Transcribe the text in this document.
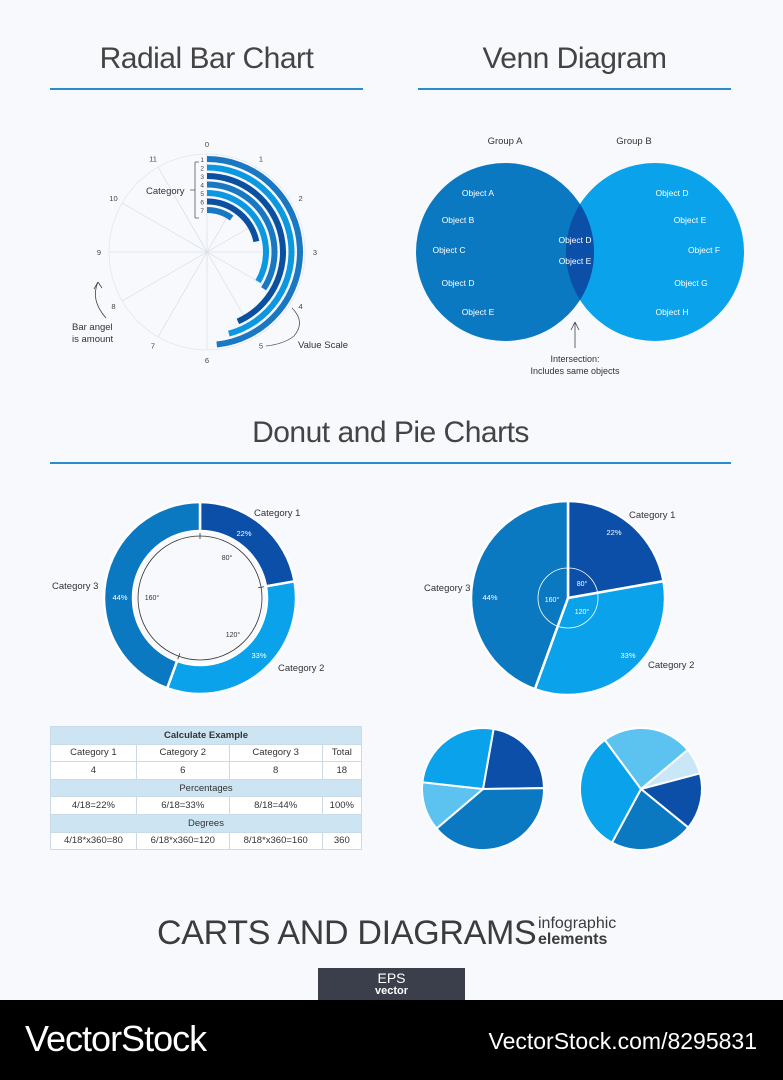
Radial Bar Chart	Venn Diagram
Donut and Pie Charts
0
1
2
3
4
5
6
7
8
9
10
11	1
2
3
4
5
6
7
Category
Bar angel
is amount
Value Scale
Group A	Group B
Object A
Object B
Object C
Object D
Object E
Object D
Object E
Object D
Object E
Object F
Object G
Object H
Intersection:
Includes same objects
Category 1
Category 2
Category 3
22%
33%
44%
80°
120°
160°
Category 1
Category 2
Category 3
22%
33%
44%
80°
120°
160°
Calculate Example			
Category 1	Category 2	Category 3	Total
4	6	8	18
Percentages			
4/18=22%	6/18=33%	8/18=44%	100%
Degrees			
4/18*x360=80	6/18*x360=120	8/18*x360=160	360
CARTS AND DIAGRAMS infographic
elements
EPS
vector
VectorStock	VectorStock.com/8295831
